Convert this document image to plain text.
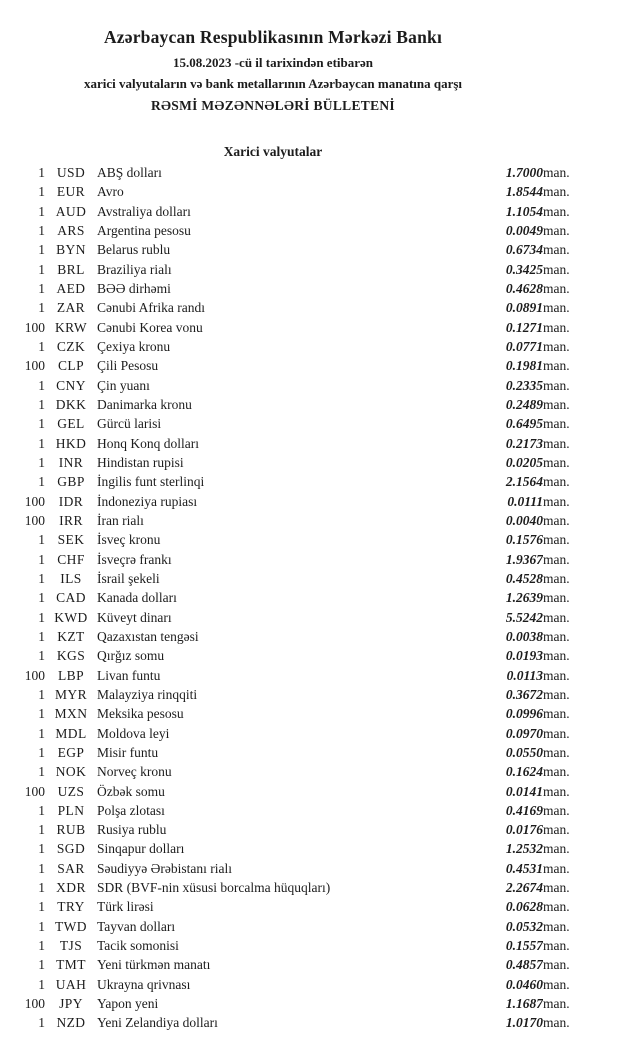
Azərbaycan Respublikasının Mərkəzi Bankı
15.08.2023 -cü il tarixindən etibarən
xarici valyutaların və bank metallarının Azərbaycan manatına qarşı
RƏSMİ MƏZƏNNƏLƏRİ BÜLLETENİ
Xarici valyutalar
1	USD	ABŞ dolları	1.7000	man.
1	EUR	Avro	1.8544	man.
1	AUD	Avstraliya dolları	1.1054	man.
1	ARS	Argentina pesosu	0.0049	man.
1	BYN	Belarus rublu	0.6734	man.
1	BRL	Braziliya rialı	0.3425	man.
1	AED	BƏƏ dirhəmi	0.4628	man.
1	ZAR	Cənubi Afrika randı	0.0891	man.
100	KRW	Cənubi Korea vonu	0.1271	man.
1	CZK	Çexiya kronu	0.0771	man.
100	CLP	Çili Pesosu	0.1981	man.
1	CNY	Çin yuanı	0.2335	man.
1	DKK	Danimarka kronu	0.2489	man.
1	GEL	Gürcü larisi	0.6495	man.
1	HKD	Honq Konq dolları	0.2173	man.
1	INR	Hindistan rupisi	0.0205	man.
1	GBP	İngilis funt sterlinqi	2.1564	man.
100	IDR	İndoneziya rupiası	0.0111	man.
100	IRR	İran rialı	0.0040	man.
1	SEK	İsveç kronu	0.1576	man.
1	CHF	İsveçrə frankı	1.9367	man.
1	ILS	İsrail şekeli	0.4528	man.
1	CAD	Kanada dolları	1.2639	man.
1	KWD	Küveyt dinarı	5.5242	man.
1	KZT	Qazaxıstan tengəsi	0.0038	man.
1	KGS	Qırğız somu	0.0193	man.
100	LBP	Livan funtu	0.0113	man.
1	MYR	Malayziya rinqqiti	0.3672	man.
1	MXN	Meksika pesosu	0.0996	man.
1	MDL	Moldova leyi	0.0970	man.
1	EGP	Misir funtu	0.0550	man.
1	NOK	Norveç kronu	0.1624	man.
100	UZS	Özbək somu	0.0141	man.
1	PLN	Polşa zlotası	0.4169	man.
1	RUB	Rusiya rublu	0.0176	man.
1	SGD	Sinqapur dolları	1.2532	man.
1	SAR	Səudiyyə Ərəbistanı rialı	0.4531	man.
1	XDR	SDR (BVF-nin xüsusi borcalma hüquqları)	2.2674	man.
1	TRY	Türk lirəsi	0.0628	man.
1	TWD	Tayvan dolları	0.0532	man.
1	TJS	Tacik somonisi	0.1557	man.
1	TMT	Yeni türkmən manatı	0.4857	man.
1	UAH	Ukrayna qrivnası	0.0460	man.
100	JPY	Yapon yeni	1.1687	man.
1	NZD	Yeni Zelandiya dolları	1.0170	man.
